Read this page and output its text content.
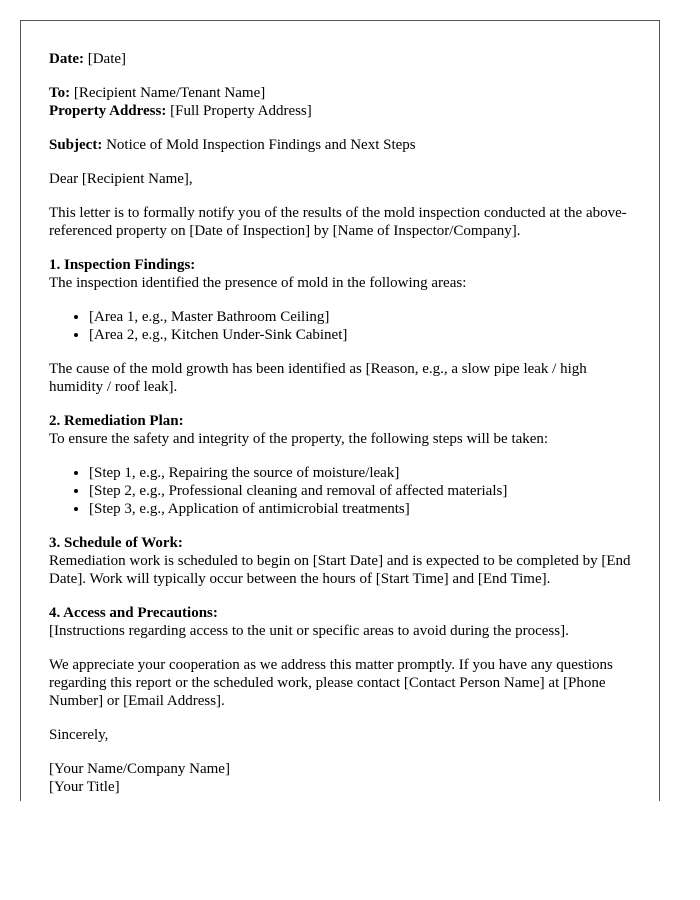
Date: [Date]

To: [Recipient Name/Tenant Name]
Property Address: [Full Property Address]

Subject: Notice of Mold Inspection Findings and Next Steps

Dear [Recipient Name],

This letter is to formally notify you of the results of the mold inspection conducted at the above-referenced property on [Date of Inspection] by [Name of Inspector/Company].

1. Inspection Findings:
The inspection identified the presence of mold in the following areas:

• [Area 1, e.g., Master Bathroom Ceiling]
• [Area 2, e.g., Kitchen Under-Sink Cabinet]

The cause of the mold growth has been identified as [Reason, e.g., a slow pipe leak / high humidity / roof leak].

2. Remediation Plan:
To ensure the safety and integrity of the property, the following steps will be taken:

• [Step 1, e.g., Repairing the source of moisture/leak]
• [Step 2, e.g., Professional cleaning and removal of affected materials]
• [Step 3, e.g., Application of antimicrobial treatments]

3. Schedule of Work:
Remediation work is scheduled to begin on [Start Date] and is expected to be completed by [End Date]. Work will typically occur between the hours of [Start Time] and [End Time].

4. Access and Precautions:
[Instructions regarding access to the unit or specific areas to avoid during the process].

We appreciate your cooperation as we address this matter promptly. If you have any questions regarding this report or the scheduled work, please contact [Contact Person Name] at [Phone Number] or [Email Address].

Sincerely,

[Your Name/Company Name]
[Your Title]
